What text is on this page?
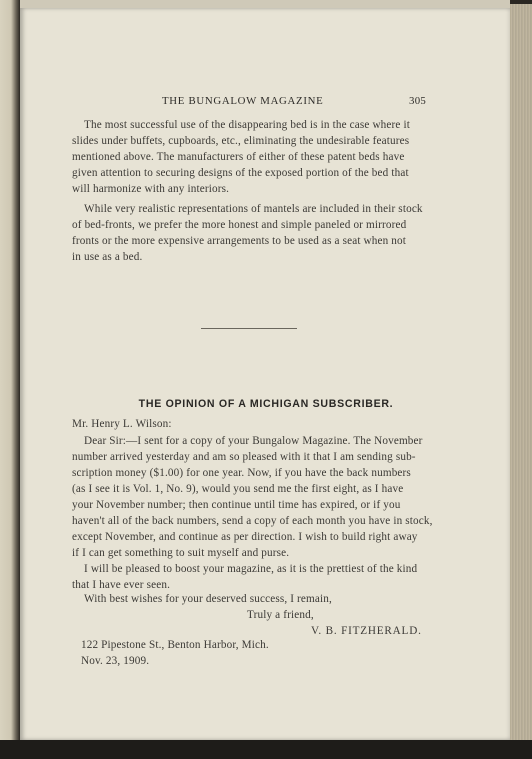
THE BUNGALOW MAGAZINE	305

The most successful use of the disappearing bed is in the case where it
slides under buffets, cupboards, etc., eliminating the undesirable features
mentioned above. The manufacturers of either of these patent beds have
given attention to securing designs of the exposed portion of the bed that
will harmonize with any interiors.

While very realistic representations of mantels are included in their stock
of bed-fronts, we prefer the more honest and simple paneled or mirrored
fronts or the more expensive arrangements to be used as a seat when not
in use as a bed.

THE OPINION OF A MICHIGAN SUBSCRIBER.
Mr. Henry L. Wilson:

Dear Sir:—I sent for a copy of your Bungalow Magazine. The November
number arrived yesterday and am so pleased with it that I am sending sub-
scription money ($1.00) for one year. Now, if you have the back numbers
(as I see it is Vol. 1, No. 9), would you send me the first eight, as I have
your November number; then continue until time has expired, or if you
haven't all of the back numbers, send a copy of each month you have in stock,
except November, and continue as per direction. I wish to build right away
if I can get something to suit myself and purse.

I will be pleased to boost your magazine, as it is the prettiest of the kind
that I have ever seen.

With best wishes for your deserved success, I remain,
Truly a friend,
V. B. FITZHERALD.
122 Pipestone St., Benton Harbor, Mich.
Nov. 23, 1909.
